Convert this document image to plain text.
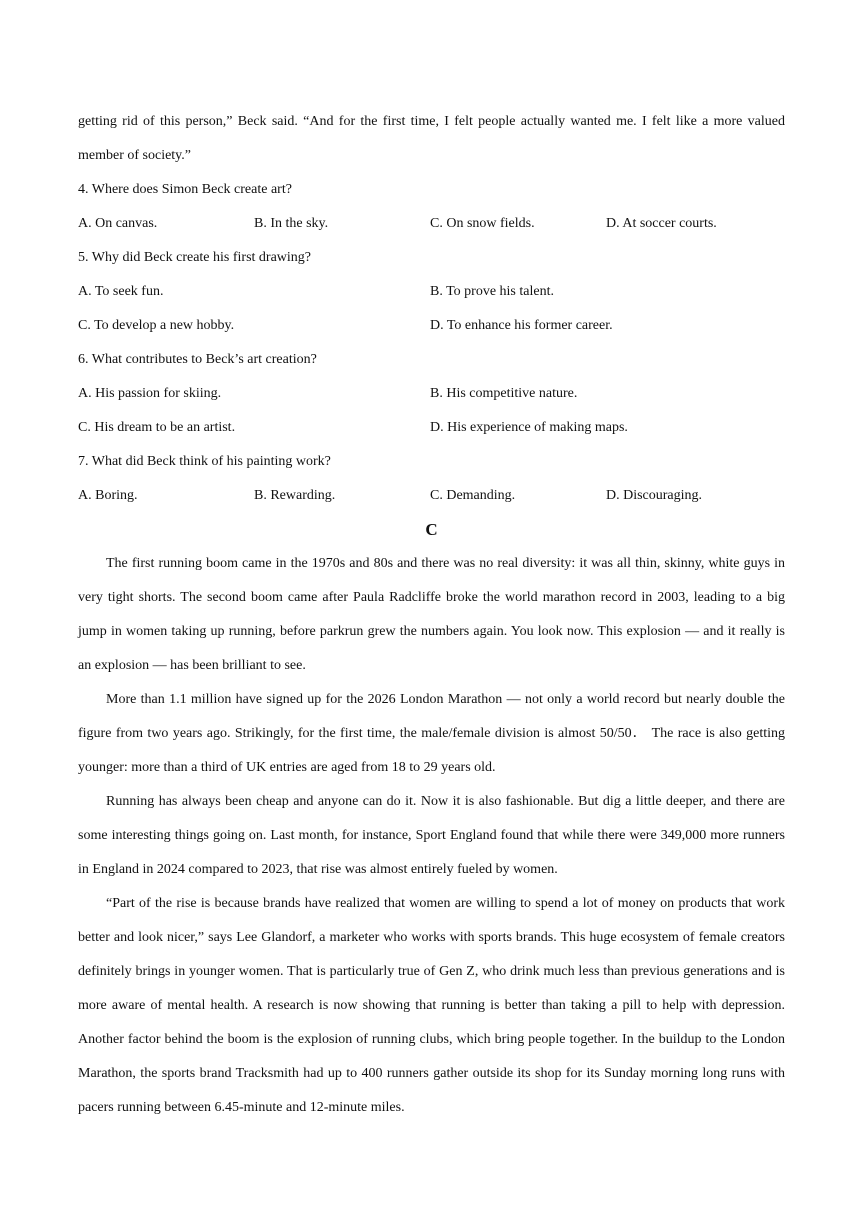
getting rid of this person,” Beck said. “And for the first time, I felt people actually wanted me. I felt like a more valued member of society.”

4. Where does Simon Beck create art?

A. On canvas.	B. In the sky.	C. On snow fields.	D. At soccer courts.

5. Why did Beck create his first drawing?

A. To seek fun.	B. To prove his talent.
C. To develop a new hobby.	D. To enhance his former career.

6. What contributes to Beck’s art creation?

A. His passion for skiing.	B. His competitive nature.
C. His dream to be an artist.	D. His experience of making maps.

7. What did Beck think of his painting work?

A. Boring.	B. Rewarding.	C. Demanding.	D. Discouraging.

C

The first running boom came in the 1970s and 80s and there was no real diversity: it was all thin, skinny, white guys in very tight shorts. The second boom came after Paula Radcliffe broke the world marathon record in 2003, leading to a big jump in women taking up running, before parkrun grew the numbers again. You look now. This explosion — and it really is an explosion — has been brilliant to see.

More than 1.1 million have signed up for the 2026 London Marathon — not only a world record but nearly double the figure from two years ago. Strikingly, for the first time, the male/female division is almost 50/50． The race is also getting younger: more than a third of UK entries are aged from 18 to 29 years old.

Running has always been cheap and anyone can do it. Now it is also fashionable. But dig a little deeper, and there are some interesting things going on. Last month, for instance, Sport England found that while there were 349,000 more runners in England in 2024 compared to 2023, that rise was almost entirely fueled by women.

“Part of the rise is because brands have realized that women are willing to spend a lot of money on products that work better and look nicer,” says Lee Glandorf, a marketer who works with sports brands. This huge ecosystem of female creators definitely brings in younger women. That is particularly true of Gen Z, who drink much less than previous generations and is more aware of mental health. A research is now showing that running is better than taking a pill to help with depression. Another factor behind the boom is the explosion of running clubs, which bring people together. In the buildup to the London Marathon, the sports brand Tracksmith had up to 400 runners gather outside its shop for its Sunday morning long runs with pacers running between 6.45-minute and 12-minute miles.
